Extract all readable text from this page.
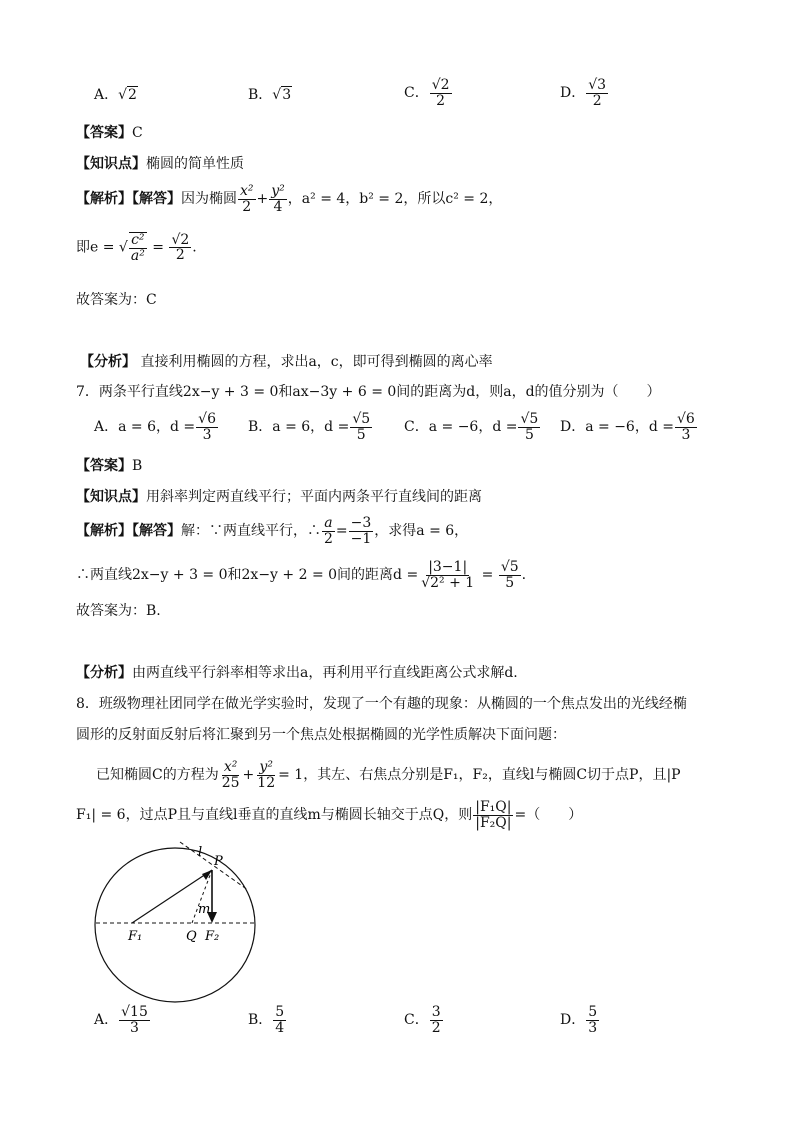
A．√2	B．√3	C． $\frac{√2}{2}$	D． $\frac{√3}{2}$
【答案】C
【知识点】椭圆的简单性质
【解析】【解答】因为椭圆 $\frac{\text{x²}}{2} + \frac{\text{y²}}{4}$ ，a² = 4，b² = 2，所以c² = 2，
即e = √ $\frac{\text{c²}}{\text{a²}} = \frac{√2}{2}$ .
故答案为：C
【分析】 直接利用椭圆的方程，求出a，c，即可得到椭圆的离心率
7．两条平行直线2x−y + 3 = 0和ax−3y + 6 = 0间的距离为d，则a，d的值分别为（　　）
A．a = 6，$d = \frac{√6}{3}$ B．a = 6，$d = \frac{√5}{5}$ C．a = −6，$d = \frac{√5}{5}$ D．a = −6，$d = \frac{√6}{3}$
【答案】B
【知识点】用斜率判定两直线平行；平面内两条平行直线间的距离
【解析】【解答】解：∵两直线平行，∴ $\frac{a}{2} = \frac{-3}{-1}$ ，求得a = 6，
∴两直线2x−y + 3 = 0和2x−y + 2 = 0间的距离$d = \frac{|3-1|}{\text{√2² + 1}} = \frac{√5}{5}$ .
故答案为：B.
【分析】由两直线平行斜率相等求出a，再利用平行直线距离公式求解d.
8．班级物理社团同学在做光学实验时，发现了一个有趣的现象：从椭圆的一个焦点发出的光线经椭
圆形的反射面反射后将汇聚到另一个焦点处根据椭圆的光学性质解决下面问题：
已知椭圆C的方程为 $\frac{\text{x²}}{25} + \frac{\text{y²}}{12} = 1$，其左、右焦点分别是F₁，F₂，直线l与椭圆C切于点P，且|P
F₁| = 6，过点P且与直线l垂直的直线m与椭圆长轴交于点Q，则 $\frac{\text{|F₁Q|}}{\text{|F₂Q|}}$ =（　　）
l
P
m
F₁	Q F₂
A． $\frac{√15}{3}$	B． $\frac{5}{4}$	C． $\frac{3}{2}$	D． $\frac{5}{3}$
